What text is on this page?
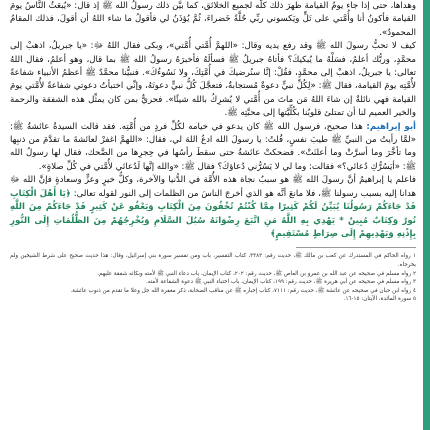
وهداها، حتى إذا جاء يومُ القيامة ظهرَ ذلك كلُّه لجميع الخلائق، كما بيَّن ذلك رسولُ الله ﷺ إذ قال: «يُبعَثُ النَّاسُ يومَ القيامة فأكونُ أنا وأُمَّتي على تَلٍّ ويَكسوني ربِّي حُلَّةً خَضراءَ، ثُمَّ يُؤذَنُ لي فأقولُ ما شاء اللهُ أن أقولَ، فذلك المقامُ المحمودُ».

كيف لا تحبُّ رسولَ الله ﷺ وقد رفع يديه وقال: «اللهمَّ أُمَّتي أُمَّتي»، وبكى فقال اللهُ ﷻ: «يا جبريلُ، اذهبْ إلى محمَّدٍ، وربُّك أعلمُ، فسَلْهُ ما يُبكيكَ؟ فأتاهُ جبريلُ ﷺ فسألَهُ فأخبرَهُ رسولُ الله ﷺ بما قال، وهو أعلمُ، فقال اللهُ تعالى: يا جبريلُ، اذهبْ إلى محمَّدٍ، فقُلْ: إنَّا سنُرضيكَ في أُمَّتِكَ، ولا نَسُوءُكَ». فنبيُّنا محمَّدٌ ﷺ أعظمُ الأنبياء شفاعةً لأُمَّتِه يومَ القيامة، فقال ﷺ: «لِكُلِّ نبيٍّ دعوةٌ مُستجابةٌ، فتعجَّلَ كُلُّ نبيٍّ دعوتَهُ، وإنِّي اختبأتُ دعوتي شفاعةً لأُمَّتي يومَ القيامة فهي نائلةٌ إن شاءَ اللهُ مَن ماتَ من أُمَّتي لا يُشرِكُ بالله شيئًا». فحريٌّ بمن كان يمثِّل هذه الشفقة والرحمة والخير العميم لنا أن تمتلئ قلوبُنا بكُلِّيَّتها إلى محبَّتِه ﷺ.

أبو إبراهيم: هذا صحيح، فرسول الله ﷺ كان يدعو في خيامه لكُلِّ فردٍ من أُمَّتِه. فقد قالت السيدةُ عائشةُ ﷺ: «لمَّا رأيتُ من النبيِّ ﷺ طيبَ نفسٍ، قُلتُ: يا رسولَ الله ادعُ اللهَ لي، فقال: «اللهمَّ اغفرْ لعائشةَ ما تقدَّمَ من ذنبِها وما تأخَّرَ وما أسرَّتْ وما أعلنَتْ». فضحكتْ عائشةُ حتى سقطَ رأسُها في حِجرِها من الضَّحك، فقال لها رسولُ الله ﷺ: «أيَسُرُّكِ دُعائي؟» فقالت: وما لي لا يَسُرُّني دُعاؤكَ؟ فقال ﷺ: «والله إنَّها لَدُعائي لأُمَّتي في كُلِّ صلاةٍ».

فاعلم يا إبراهيمُ أنَّ رسولَ الله ﷺ هو سببُ نجاة هذه الأُمَّة في الدُّنيا والآخرة، وكلُّ خيرٍ وعزٍّ وسعادةٍ فإنَّ الله ﷻ هدانا إليه بسبب رسولنا ﷺ، فلا مانعَ أنَّه هو الذي أخرجَ الناسَ من الظلمات إلى النور لقوله تعالى: ﴿يَا أَهْلَ الْكِتَابِ قَدْ جَاءَكُمْ رَسُولُنَا يُبَيِّنُ لَكُمْ كَثِيرًا مِمَّا كُنْتُمْ تُخْفُونَ مِنَ الْكِتَابِ وَيَعْفُو عَنْ كَثِيرٍ قَدْ جَاءَكُمْ مِنَ اللَّهِ نُورٌ وَكِتَابٌ مُبِينٌ * يَهْدِي بِهِ اللَّهُ مَنِ اتَّبَعَ رِضْوَانَهُ سُبُلَ السَّلَامِ وَيُخْرِجُهُمْ مِنَ الظُّلُمَاتِ إِلَى النُّورِ بِإِذْنِهِ وَيَهْدِيهِمْ إِلَى صِرَاطٍ مُسْتَقِيمٍ﴾

١ رواه الحاكم في المستدرك عن كعب بن مالك ﷺ، حديث رقم: ٣٣٨٣، كتاب التفسير، باب ومن تفسير سورة بني إسرائيل، وقال: هذا حديث صحيح على شرط الشيخين ولم يخرجاه.

٢ رواه مسلم في صحيحه عن عبد الله بن عمرو بن العاص ﷺ، حديث رقم: ٢٠٢، كتاب الإيمان، باب دعاء النبي ﷺ لأمته وبكائه شفقة عليهم.

٣ رواه مسلم في صحيحه عن أبي هريرة ﷺ، حديث رقم: ١٩٩، كتاب الإيمان، باب اختباء النبي ﷺ دعوة الشفاعة لأمته.

٤ رواه ابن حبان في صحيحه عن عائشة ﷺ، حديث رقم: ٧١١١، كتاب إخباره ﷺ عن مناقب الصحابة، ذكر مغفرة الله جل وعلا ما تقدم من ذنوب عائشة.

٥ سورة المائدة، الآيتان: ١٥-١٦.
